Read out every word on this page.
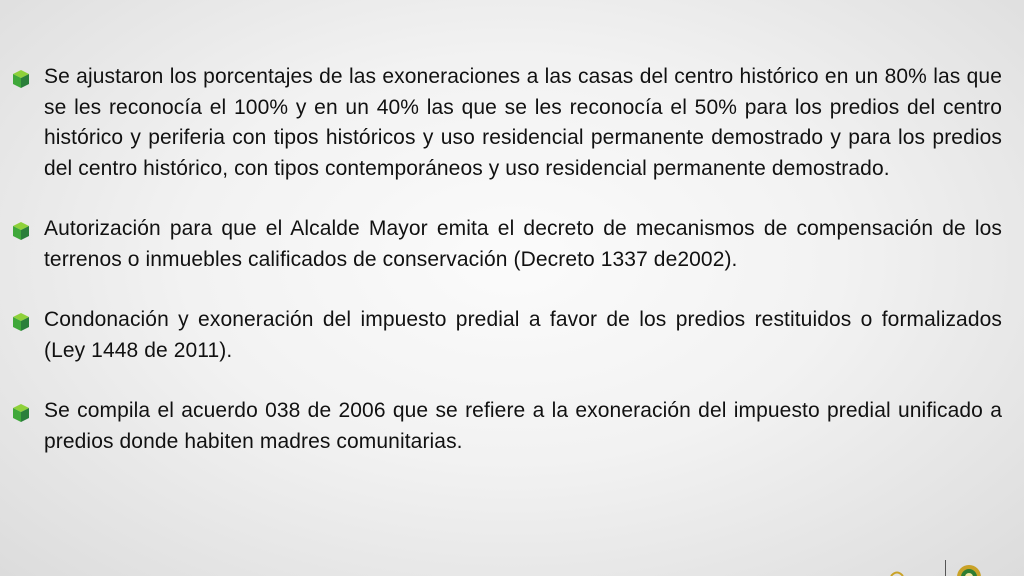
Se ajustaron los porcentajes de las exoneraciones a las casas del centro histórico en un 80% las que se les reconocía el 100% y en un 40% las que se les reconocía el 50% para los predios del centro histórico y periferia con tipos históricos y uso residencial permanente demostrado y para los predios del centro histórico, con tipos contemporáneos y uso residencial permanente demostrado.
Autorización para que el Alcalde Mayor emita el decreto de mecanismos de compensación de los terrenos o inmuebles calificados de conservación (Decreto 1337 de2002).
Condonación y exoneración del impuesto predial a favor de los predios restituidos o formalizados (Ley 1448 de 2011).
Se compila el acuerdo 038 de 2006 que se refiere a la exoneración del impuesto predial unificado a predios donde habiten madres comunitarias.
